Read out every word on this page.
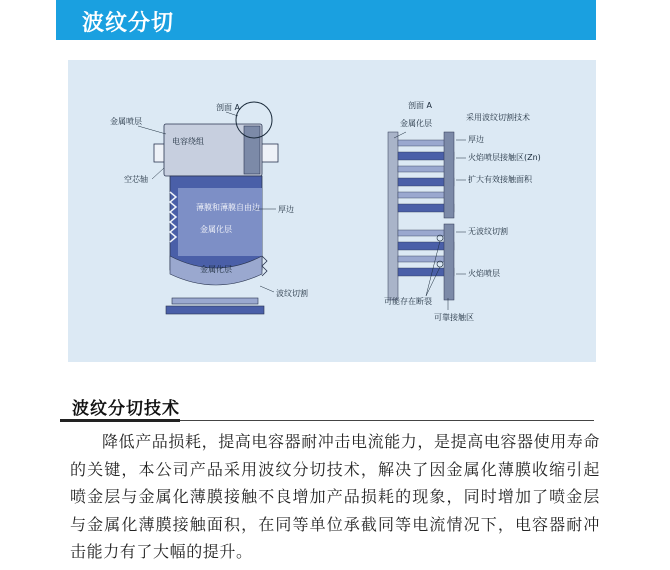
波纹分切
金属喷层
剖面 A
电容绕组
空芯轴
薄膜和薄膜自由边 厚边
金属化层
金属化层
波纹切割
剖面 A
金属化层
采用波纹切割技术
厚边
火焰喷层接触区(Zn)
扩大有效接触面积
无波纹切割
火焰喷层
可能存在断裂
可靠接触区
波纹分切技术

降低产品损耗，提高电容器耐冲击电流能力，是提高电容器使用寿命的关键，本公司产品采用波纹分切技术，解决了因金属化薄膜收缩引起喷金层与金属化薄膜接触不良增加产品损耗的现象，同时增加了喷金层与金属化薄膜接触面积，在同等单位承截同等电流情况下，电容器耐冲击能力有了大幅的提升。
